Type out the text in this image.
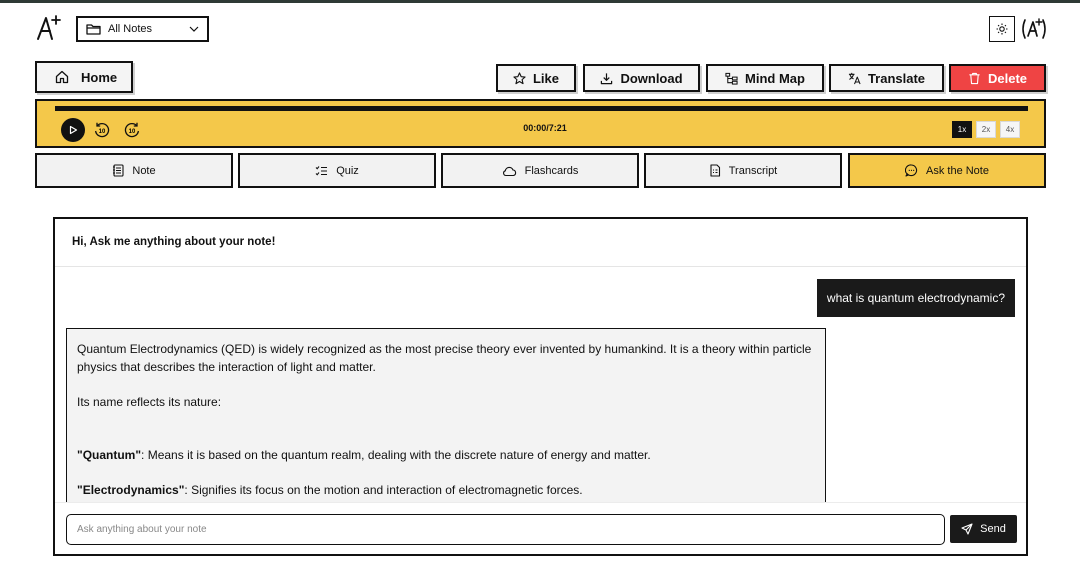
All Notes
Home	Like	Download	Mind Map	Translate	Delete
10	10	00:00/7:21	1x	2x	4x
Note	Quiz	Flashcards	Transcript	Ask the Note
Hi, Ask me anything about your note!
what is quantum electrodynamic?

Quantum Electrodynamics (QED) is widely recognized as the most precise theory ever invented by humankind. It is a theory within particle physics that describes the interaction of light and matter.

Its name reflects its nature:

"Quantum": Means it is based on the quantum realm, dealing with the discrete nature of energy and matter.

"Electrodynamics": Signifies its focus on the motion and interaction of electromagnetic forces.

Ask anything about your note
Send
